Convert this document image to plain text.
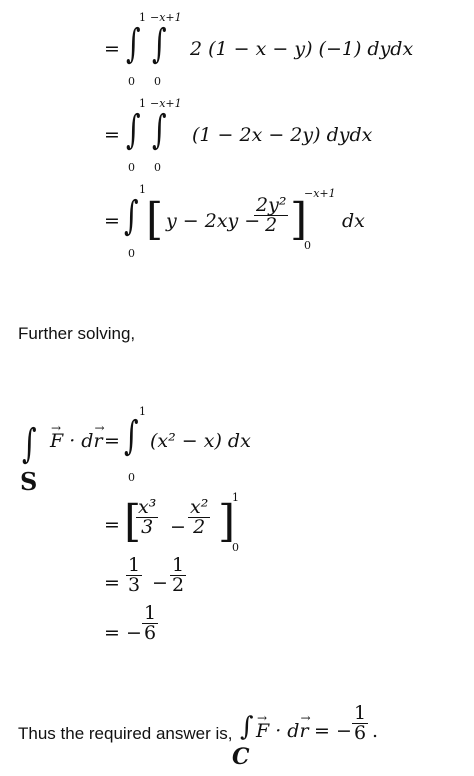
= ∫ ∫
1 −x+1
0 0
2 (1 − x − y) (−1) dydx
= ∫ ∫
1 −x+1
0 0
(1 − 2x − 2y) dydx
= ∫
1
0
[ y − 2xy −
$\frac{\text{2y²}}{2}$ ]
−x+1
0
dx
Further solving,
∫
S
→ F · d→ r = ∫
1
0
(x² − x) dx
= [
$\frac{\text{x³}}{3} - \frac{\text{x²}}{2}$ ]
1
0
= $\frac{1}{3} - \frac{1}{2}$
= − $\frac{1}{6}$
Thus the required answer is, ∫
C
→ F · d→ r = − $\frac{1}{6}$ .
